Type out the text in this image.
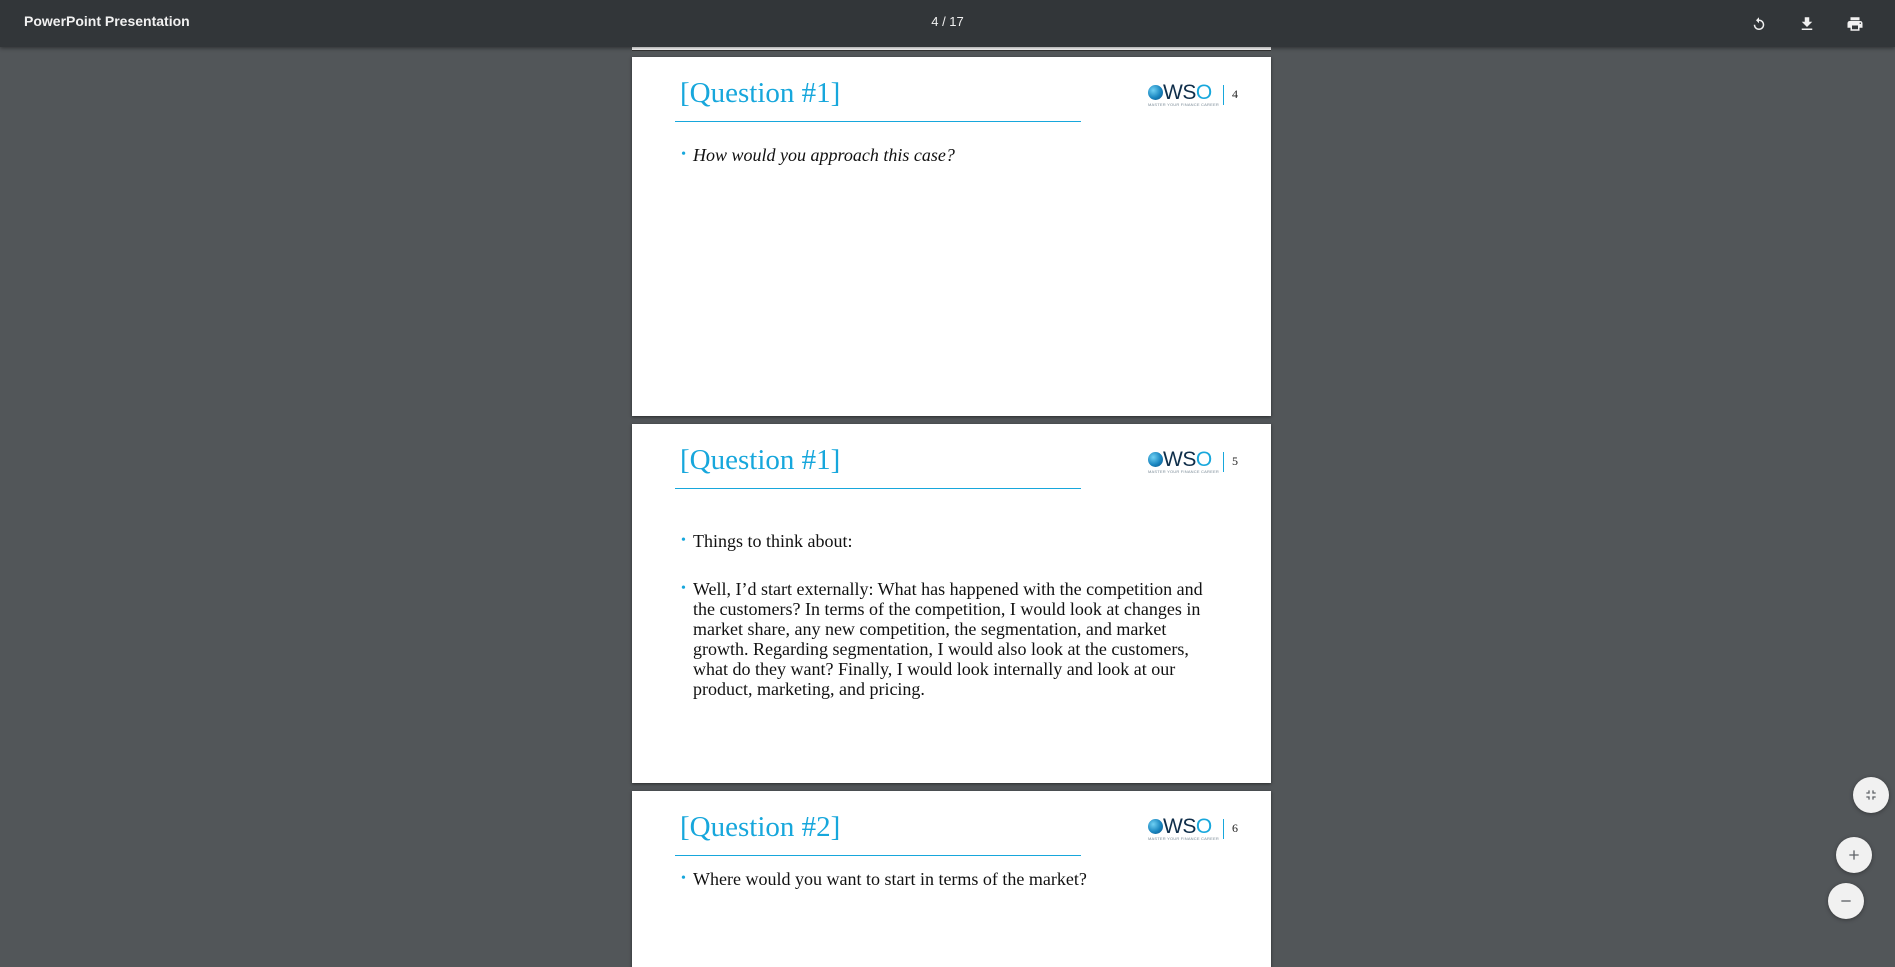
PowerPoint Presentation	4 / 17
[Question #1]	WSO
MASTER YOUR FINANCE CAREER
4
• How would you approach this case?
[Question #1]	WSO
MASTER YOUR FINANCE CAREER
5
• Things to think about:
• Well, I’d start externally: What has happened with the competition and the customers? In terms of the competition, I would look at changes in market share, any new competition, the segmentation, and market growth. Regarding segmentation, I would also look at the customers, what do they want? Finally, I would look internally and look at our product, marketing, and pricing.
[Question #2]	WSO
MASTER YOUR FINANCE CAREER
6
• Where would you want to start in terms of the market?
